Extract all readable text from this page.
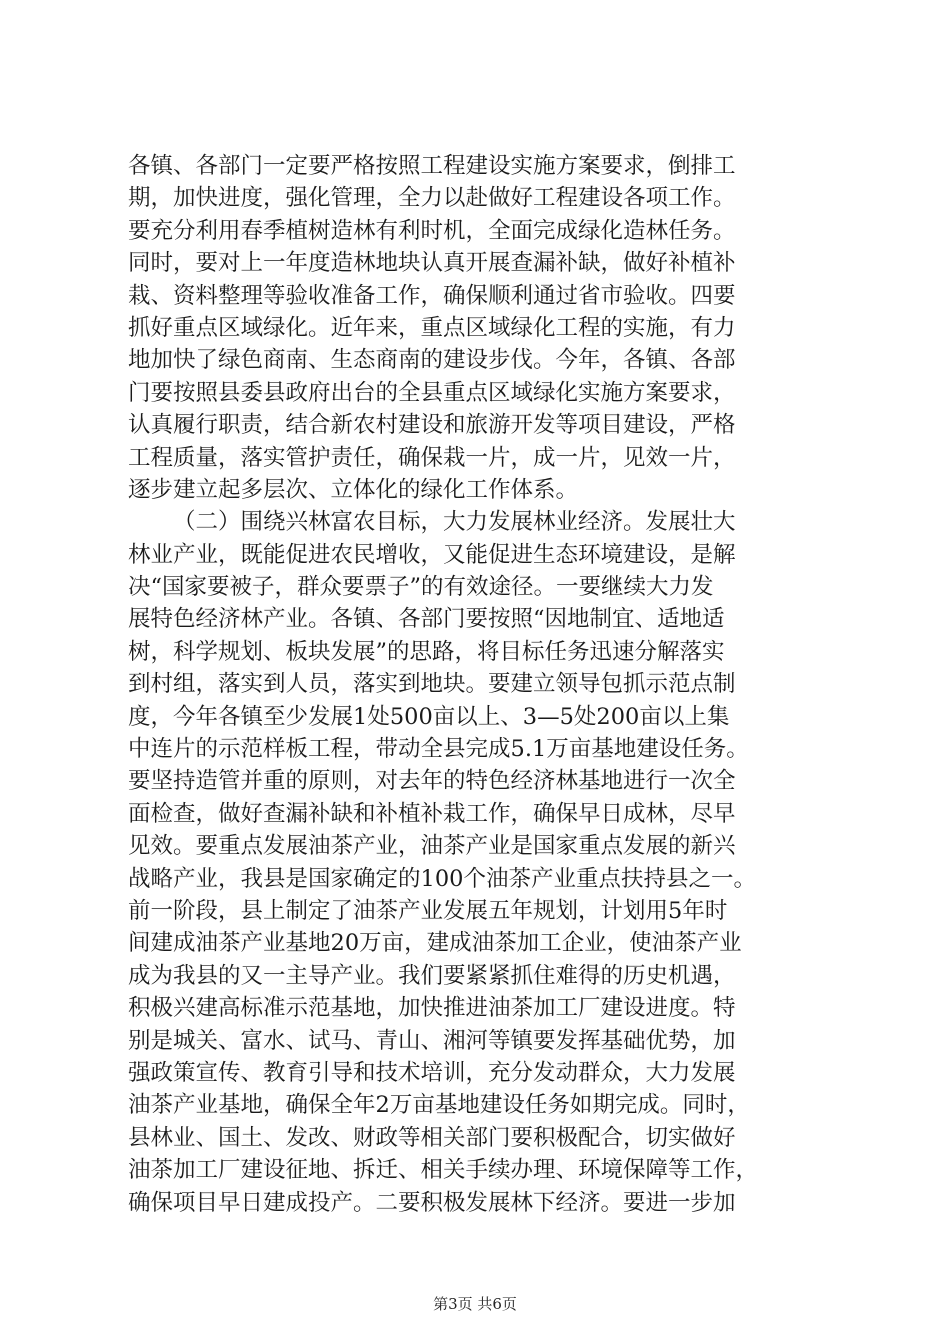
各镇、各部门一定要严格按照工程建设实施方案要求，倒排工
期，加快进度，强化管理，全力以赴做好工程建设各项工作。
要充分利用春季植树造林有利时机，全面完成绿化造林任务。
同时，要对上一年度造林地块认真开展查漏补缺，做好补植补
栽、资料整理等验收准备工作，确保顺利通过省市验收。四要
抓好重点区域绿化。近年来，重点区域绿化工程的实施，有力
地加快了绿色商南、生态商南的建设步伐。今年，各镇、各部
门要按照县委县政府出台的全县重点区域绿化实施方案要求，
认真履行职责，结合新农村建设和旅游开发等项目建设，严格
工程质量，落实管护责任，确保栽一片，成一片，见效一片，
逐步建立起多层次、立体化的绿化工作体系。
（二）围绕兴林富农目标，大力发展林业经济。发展壮大
林业产业，既能促进农民增收，又能促进生态环境建设，是解
决“国家要被子，群众要票子”的有效途径。一要继续大力发
展特色经济林产业。各镇、各部门要按照“因地制宜、适地适
树，科学规划、板块发展”的思路，将目标任务迅速分解落实
到村组，落实到人员，落实到地块。要建立领导包抓示范点制
度，今年各镇至少发展1处500亩以上、3—5处200亩以上集
中连片的示范样板工程，带动全县完成5.1万亩基地建设任务。
要坚持造管并重的原则，对去年的特色经济林基地进行一次全
面检查，做好查漏补缺和补植补栽工作，确保早日成林，尽早
见效。要重点发展油茶产业，油茶产业是国家重点发展的新兴
战略产业，我县是国家确定的100个油茶产业重点扶持县之一。
前一阶段，县上制定了油茶产业发展五年规划，计划用5年时
间建成油茶产业基地20万亩，建成油茶加工企业，使油茶产业
成为我县的又一主导产业。我们要紧紧抓住难得的历史机遇，
积极兴建高标准示范基地，加快推进油茶加工厂建设进度。特
别是城关、富水、试马、青山、湘河等镇要发挥基础优势，加
强政策宣传、教育引导和技术培训，充分发动群众，大力发展
油茶产业基地，确保全年2万亩基地建设任务如期完成。同时，
县林业、国土、发改、财政等相关部门要积极配合，切实做好
油茶加工厂建设征地、拆迁、相关手续办理、环境保障等工作，
确保项目早日建成投产。二要积极发展林下经济。要进一步加
第3页 共6页
